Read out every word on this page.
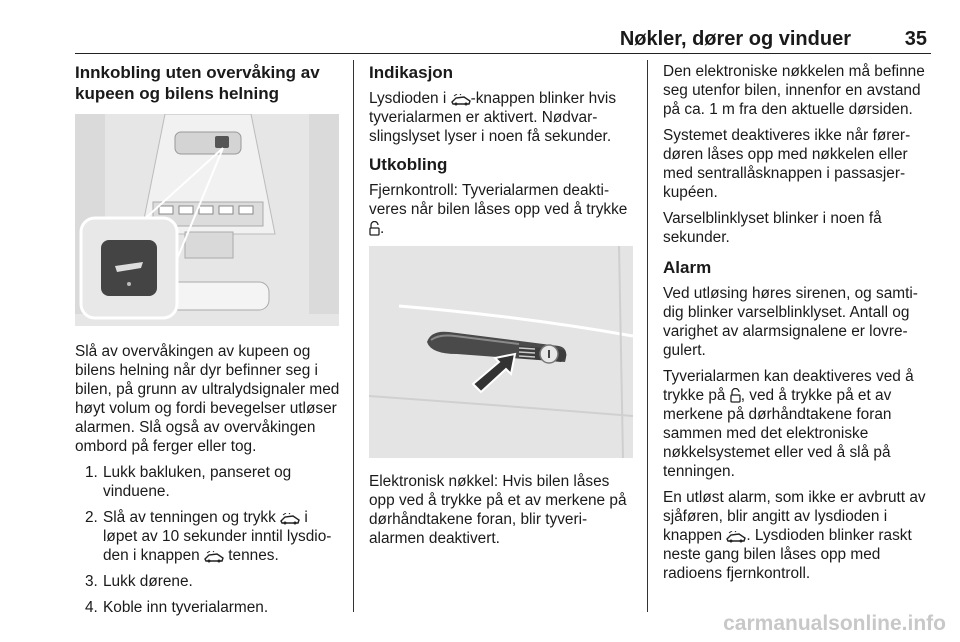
Nøkler, dører og vinduer	35
Innkobling uten overvåking av kupeen og bilens helning
Slå av overvåkingen av kupeen og bilens helning når dyr befinner seg i bilen, på grunn av ultralydsignaler med høyt volum og fordi bevegelser utløser alarmen. Slå også av overvåkingen ombord på ferger eller tog.
1. Lukk bakluken, panseret og vinduene.
2. Slå av tenningen og trykk  i løpet av 10 sekunder inntil lysdioden i knappen  tennes.
3. Lukk dørene.
4. Koble inn tyverialarmen.
Indikasjon
Lysdioden i -knappen blinker hvis tyverialarmen er aktivert. Nødvarslingslyset lyser i noen få sekunder.
Utkobling
Fjernkontroll: Tyverialarmen deaktiveres når bilen låses opp ved å trykke .
Elektronisk nøkkel: Hvis bilen låses opp ved å trykke på et av merkene på dørhåndtakene foran, blir tyverialarmen deaktivert.
Den elektroniske nøkkelen må befinne seg utenfor bilen, innenfor en avstand på ca. 1 m fra den aktuelle dørsiden.
Systemet deaktiveres ikke når førerdøren låses opp med nøkkelen eller med sentrallåsknappen i passasjerkupéen.
Varselblinklyset blinker i noen få sekunder.
Alarm
Ved utløsing høres sirenen, og samtidig blinker varselblinklyset. Antall og varighet av alarmsignalene er lovregulert.
Tyverialarmen kan deaktiveres ved å trykke på , ved å trykke på et av merkene på dørhåndtakene foran sammen med det elektroniske nøkkelsystemet eller ved å slå på tenningen.
En utløst alarm, som ikke er avbrutt av sjåføren, blir angitt av lysdioden i knappen . Lysdioden blinker raskt neste gang bilen låses opp med radioens fjernkontroll.
carmanualsonline.info
